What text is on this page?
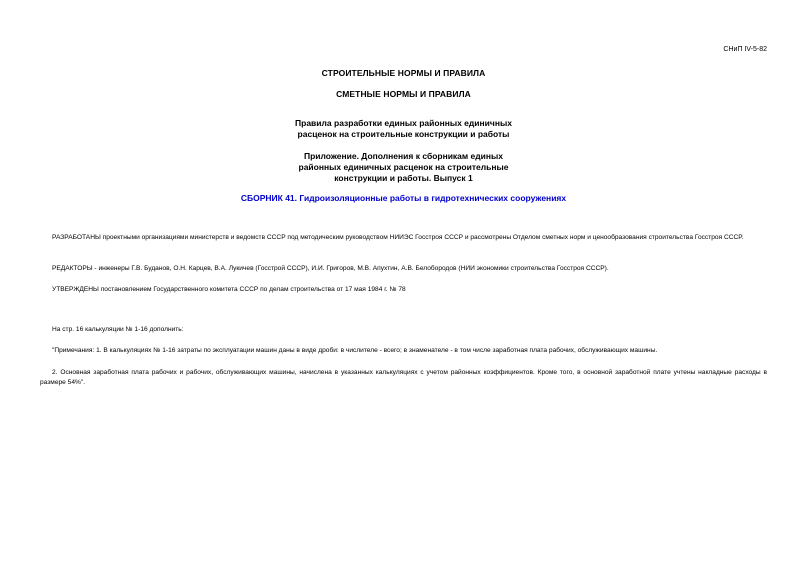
СНиП IV-5-82
СТРОИТЕЛЬНЫЕ НОРМЫ И ПРАВИЛА
СМЕТНЫЕ НОРМЫ И ПРАВИЛА
Правила разработки единых районных единичных
расценок на строительные конструкции и работы
Приложение. Дополнения к сборникам единых
районных единичных расценок на строительные
конструкции и работы. Выпуск 1
СБОРНИК 41. Гидроизоляционные работы в гидротехнических сооружениях
РАЗРАБОТАНЫ проектными организациями министерств и ведомств СССР под методическим руководством НИИЭС Госстроя СССР и рассмотрены Отделом сметных норм и ценообразования строительства Госстроя СССР.
РЕДАКТОРЫ - инженеры Г.В. Буданов, О.Н. Карцев, В.А. Лукичев (Госстрой СССР), И.И. Григоров, М.В. Апухтин, А.В. Белобородов (НИИ экономики строительства Госстроя СССР).
УТВЕРЖДЕНЫ постановлением Государственного комитета СССР по делам строительства от 17 мая 1984 г. № 78
На стр. 16 калькуляции № 1-16 дополнить:
"Примечания: 1. В калькуляциях № 1-16 затраты по эксплуатации машин даны в виде дроби: в числителе - всего; в знаменателе - в том числе заработная плата рабочих, обслуживающих машины.
2. Основная заработная плата рабочих и рабочих, обслуживающих машины, начислена в указанных калькуляциях с учетом районных коэффициентов. Кроме того, в основной заработной плате учтены накладные расходы в размере 54%".
